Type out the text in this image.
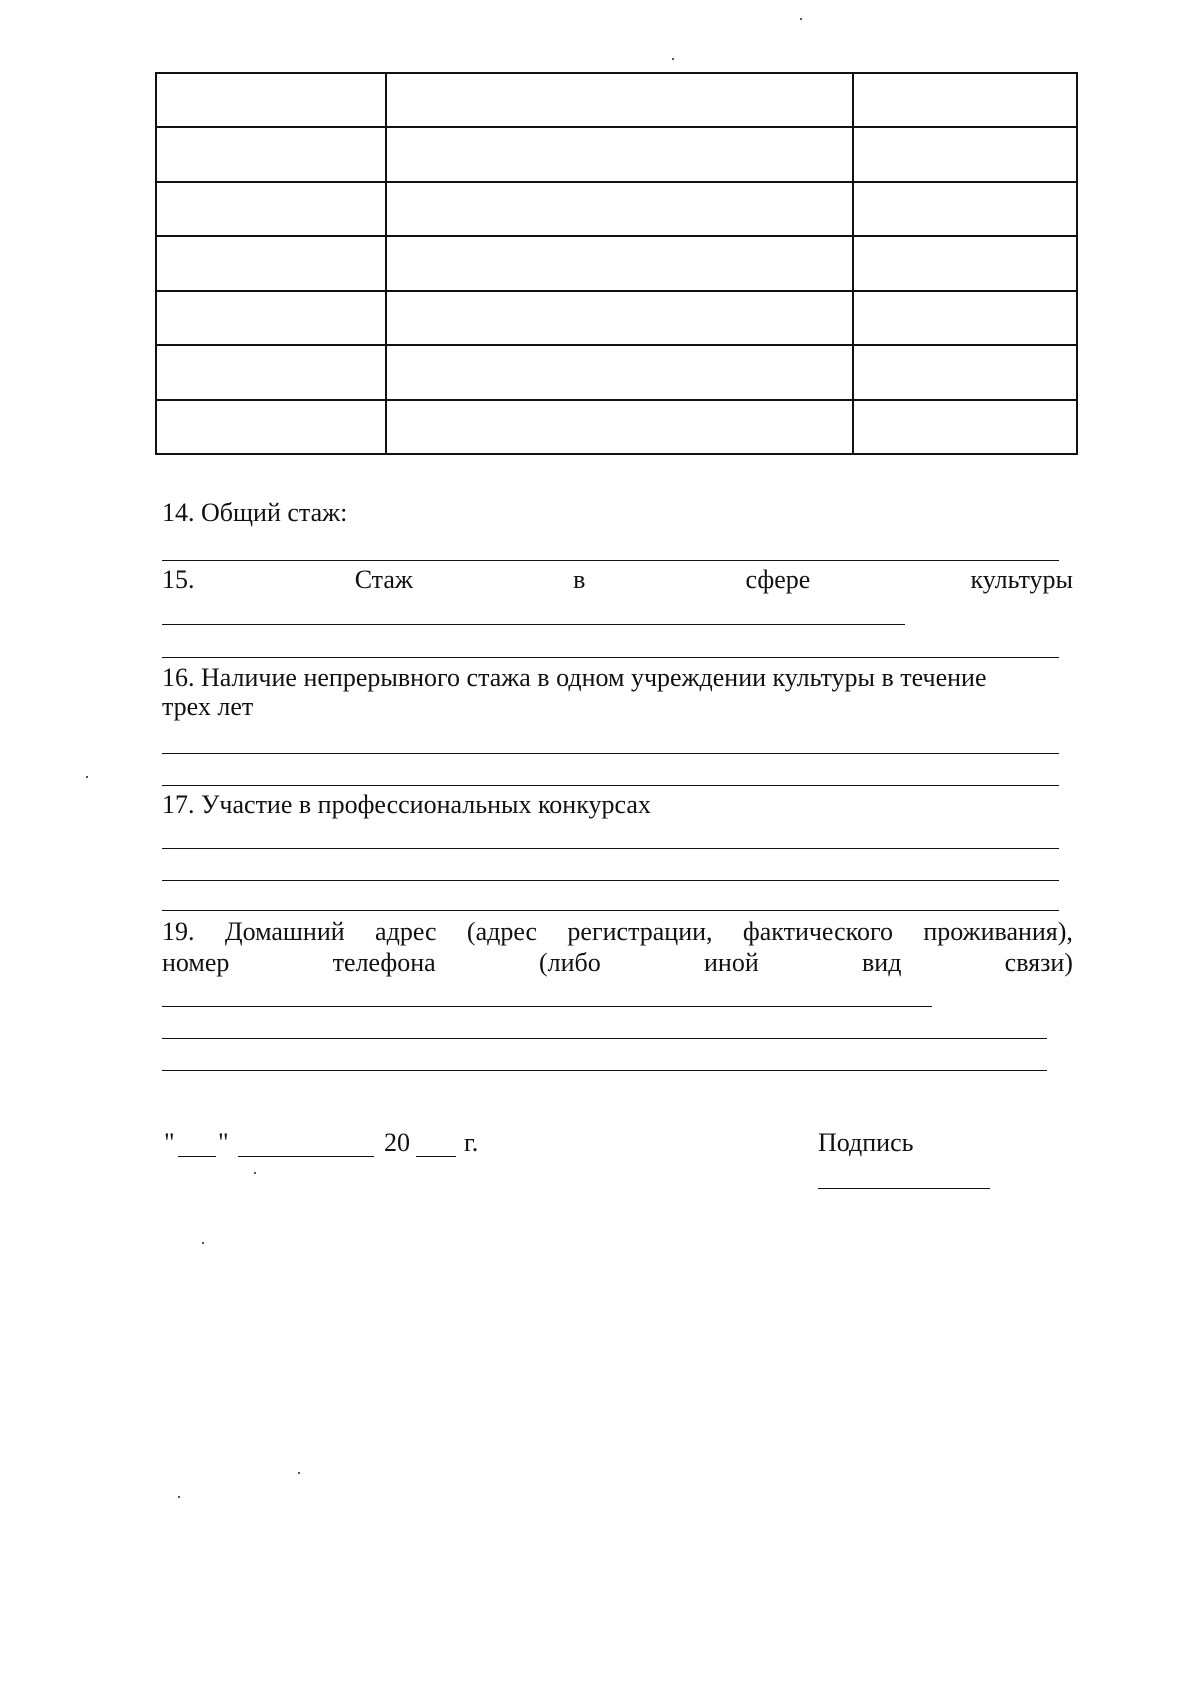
14. Общий стаж:
15.	Стаж	в	сфере	культуры
16. Наличие непрерывного стажа в одном учреждении культуры в течение
трех лет
17. Участие в профессиональных конкурсах
19. Домашний адрес (адрес регистрации, фактического проживания),
номер	телефона	(либо	иной	вид	связи)
" "	20 г.	Подпись
